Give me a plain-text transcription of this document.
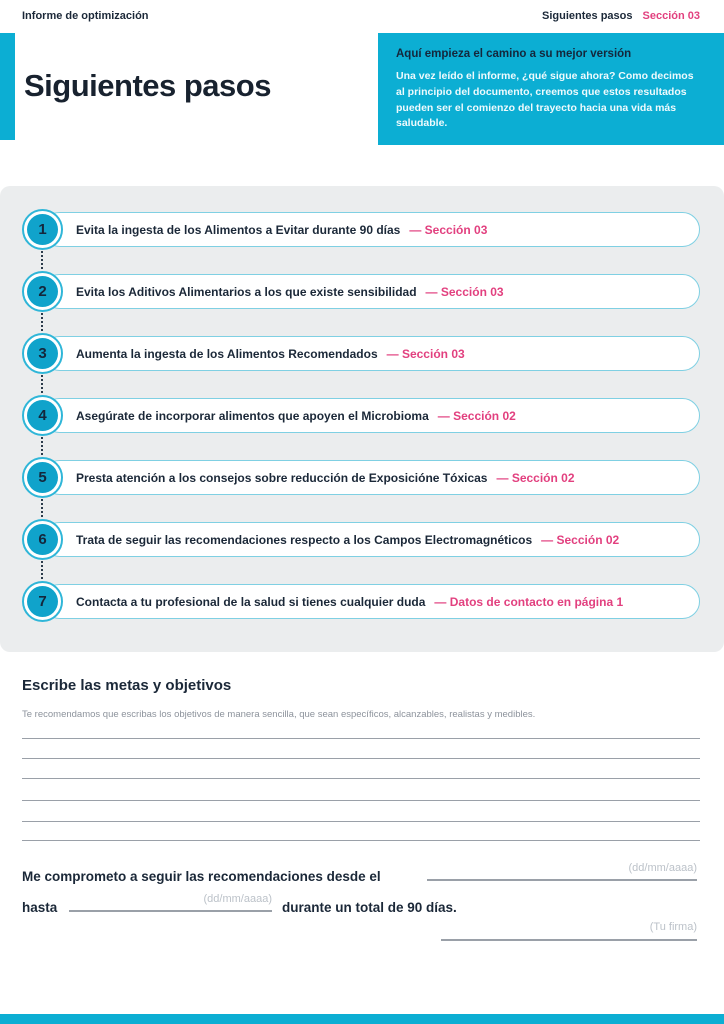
Informe de optimización	Siguientes pasos Sección 03
Siguientes pasos
Aquí empieza el camino a su mejor versión

Una vez leído el informe, ¿qué sigue ahora? Como decimos al principio del documento, creemos que estos resultados pueden ser el comienzo del trayecto hacia una vida más saludable.

Evita la ingesta de los Alimentos a Evitar durante 90 días — Sección 03
1
Evita los Aditivos Alimentarios a los que existe sensibilidad — Sección 03
2
Aumenta la ingesta de los Alimentos Recomendados — Sección 03
3
Asegúrate de incorporar alimentos que apoyen el Microbioma — Sección 02
4
Presta atención a los consejos sobre reducción de Exposicióne Tóxicas — Sección 02
5
Trata de seguir las recomendaciones respecto a los Campos Electromagnéticos — Sección 02
6
Contacta a tu profesional de la salud si tienes cualquier duda — Datos de contacto en página 1
7
Escribe las metas y objetivos
Te recomendamos que escribas los objetivos de manera sencilla, que sean específicos, alcanzables, realistas y medibles.
Me comprometo a seguir las recomendaciones desde el
(dd/mm/aaaa)
hasta
(dd/mm/aaaa)
durante un total de 90 días.
(Tu firma)
